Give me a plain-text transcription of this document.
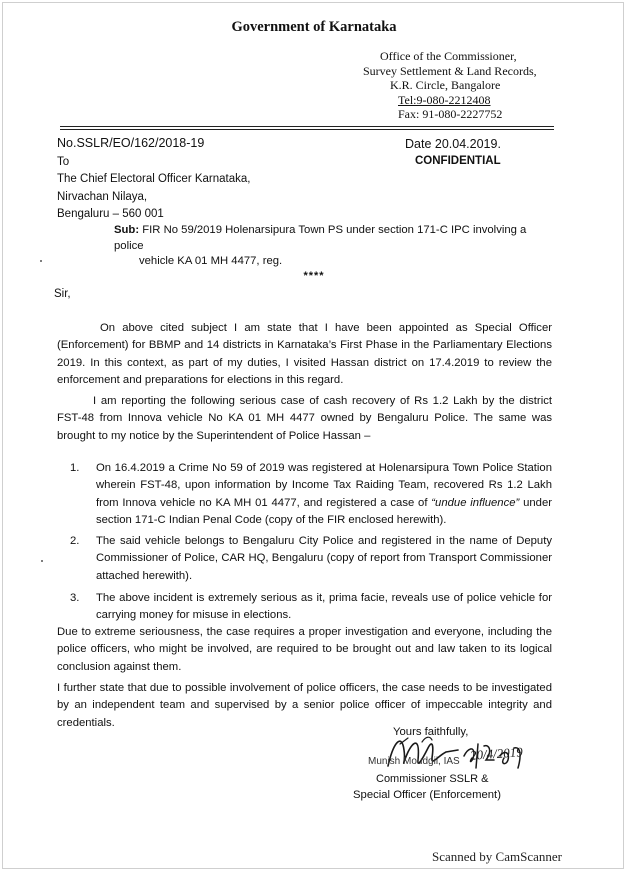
Government of Karnataka
Office of the Commissioner,
Survey Settlement & Land Records,
K.R. Circle, Bangalore
Tel:9-080-2212408
Fax: 91-080-2227752
No.SSLR/EO/162/2018-19	Date 20.04.2019.
CONFIDENTIAL
To
The Chief Electoral Officer Karnataka,
Nirvachan Nilaya,
Bengaluru – 560 001
Sub: FIR No 59/2019 Holenarsipura Town PS under section 171-C IPC involving a police
vehicle KA 01 MH 4477, reg.
****
Sir,
On above cited subject I am state that I have been appointed as Special Officer (Enforcement) for BBMP and 14 districts in Karnataka’s First Phase in the Parliamentary Elections 2019. In this context, as part of my duties, I visited Hassan district on 17.4.2019 to review the enforcement and preparations for elections in this regard.
I am reporting the following serious case of cash recovery of Rs 1.2 Lakh by the district FST-48 from Innova vehicle No KA 01 MH 4477 owned by Bengaluru Police. The same was brought to my notice by the Superintendent of Police Hassan –
1. On 16.4.2019 a Crime No 59 of 2019 was registered at Holenarsipura Town Police Station wherein FST-48, upon information by Income Tax Raiding Team, recovered Rs 1.2 Lakh from Innova vehicle no KA MH 01 4477, and registered a case of “undue influence” under section 171-C Indian Penal Code (copy of the FIR enclosed herewith).
2. The said vehicle belongs to Bengaluru City Police and registered in the name of Deputy Commissioner of Police, CAR HQ, Bengaluru (copy of report from Transport Commissioner attached herewith).
3. The above incident is extremely serious as it, prima facie, reveals use of police vehicle for carrying money for misuse in elections.
Due to extreme seriousness, the case requires a proper investigation and everyone, including the police officers, who might be involved, are required to be brought out and law taken to its logical conclusion against them.
I further state that due to possible involvement of police officers, the case needs to be investigated by an independent team and supervised by a senior police officer of impeccable integrity and credentials.
Yours faithfully,
Munish Moudgil, IAS 20/4/2019
Commissioner SSLR &
Special Officer (Enforcement)
Scanned by CamScanner
